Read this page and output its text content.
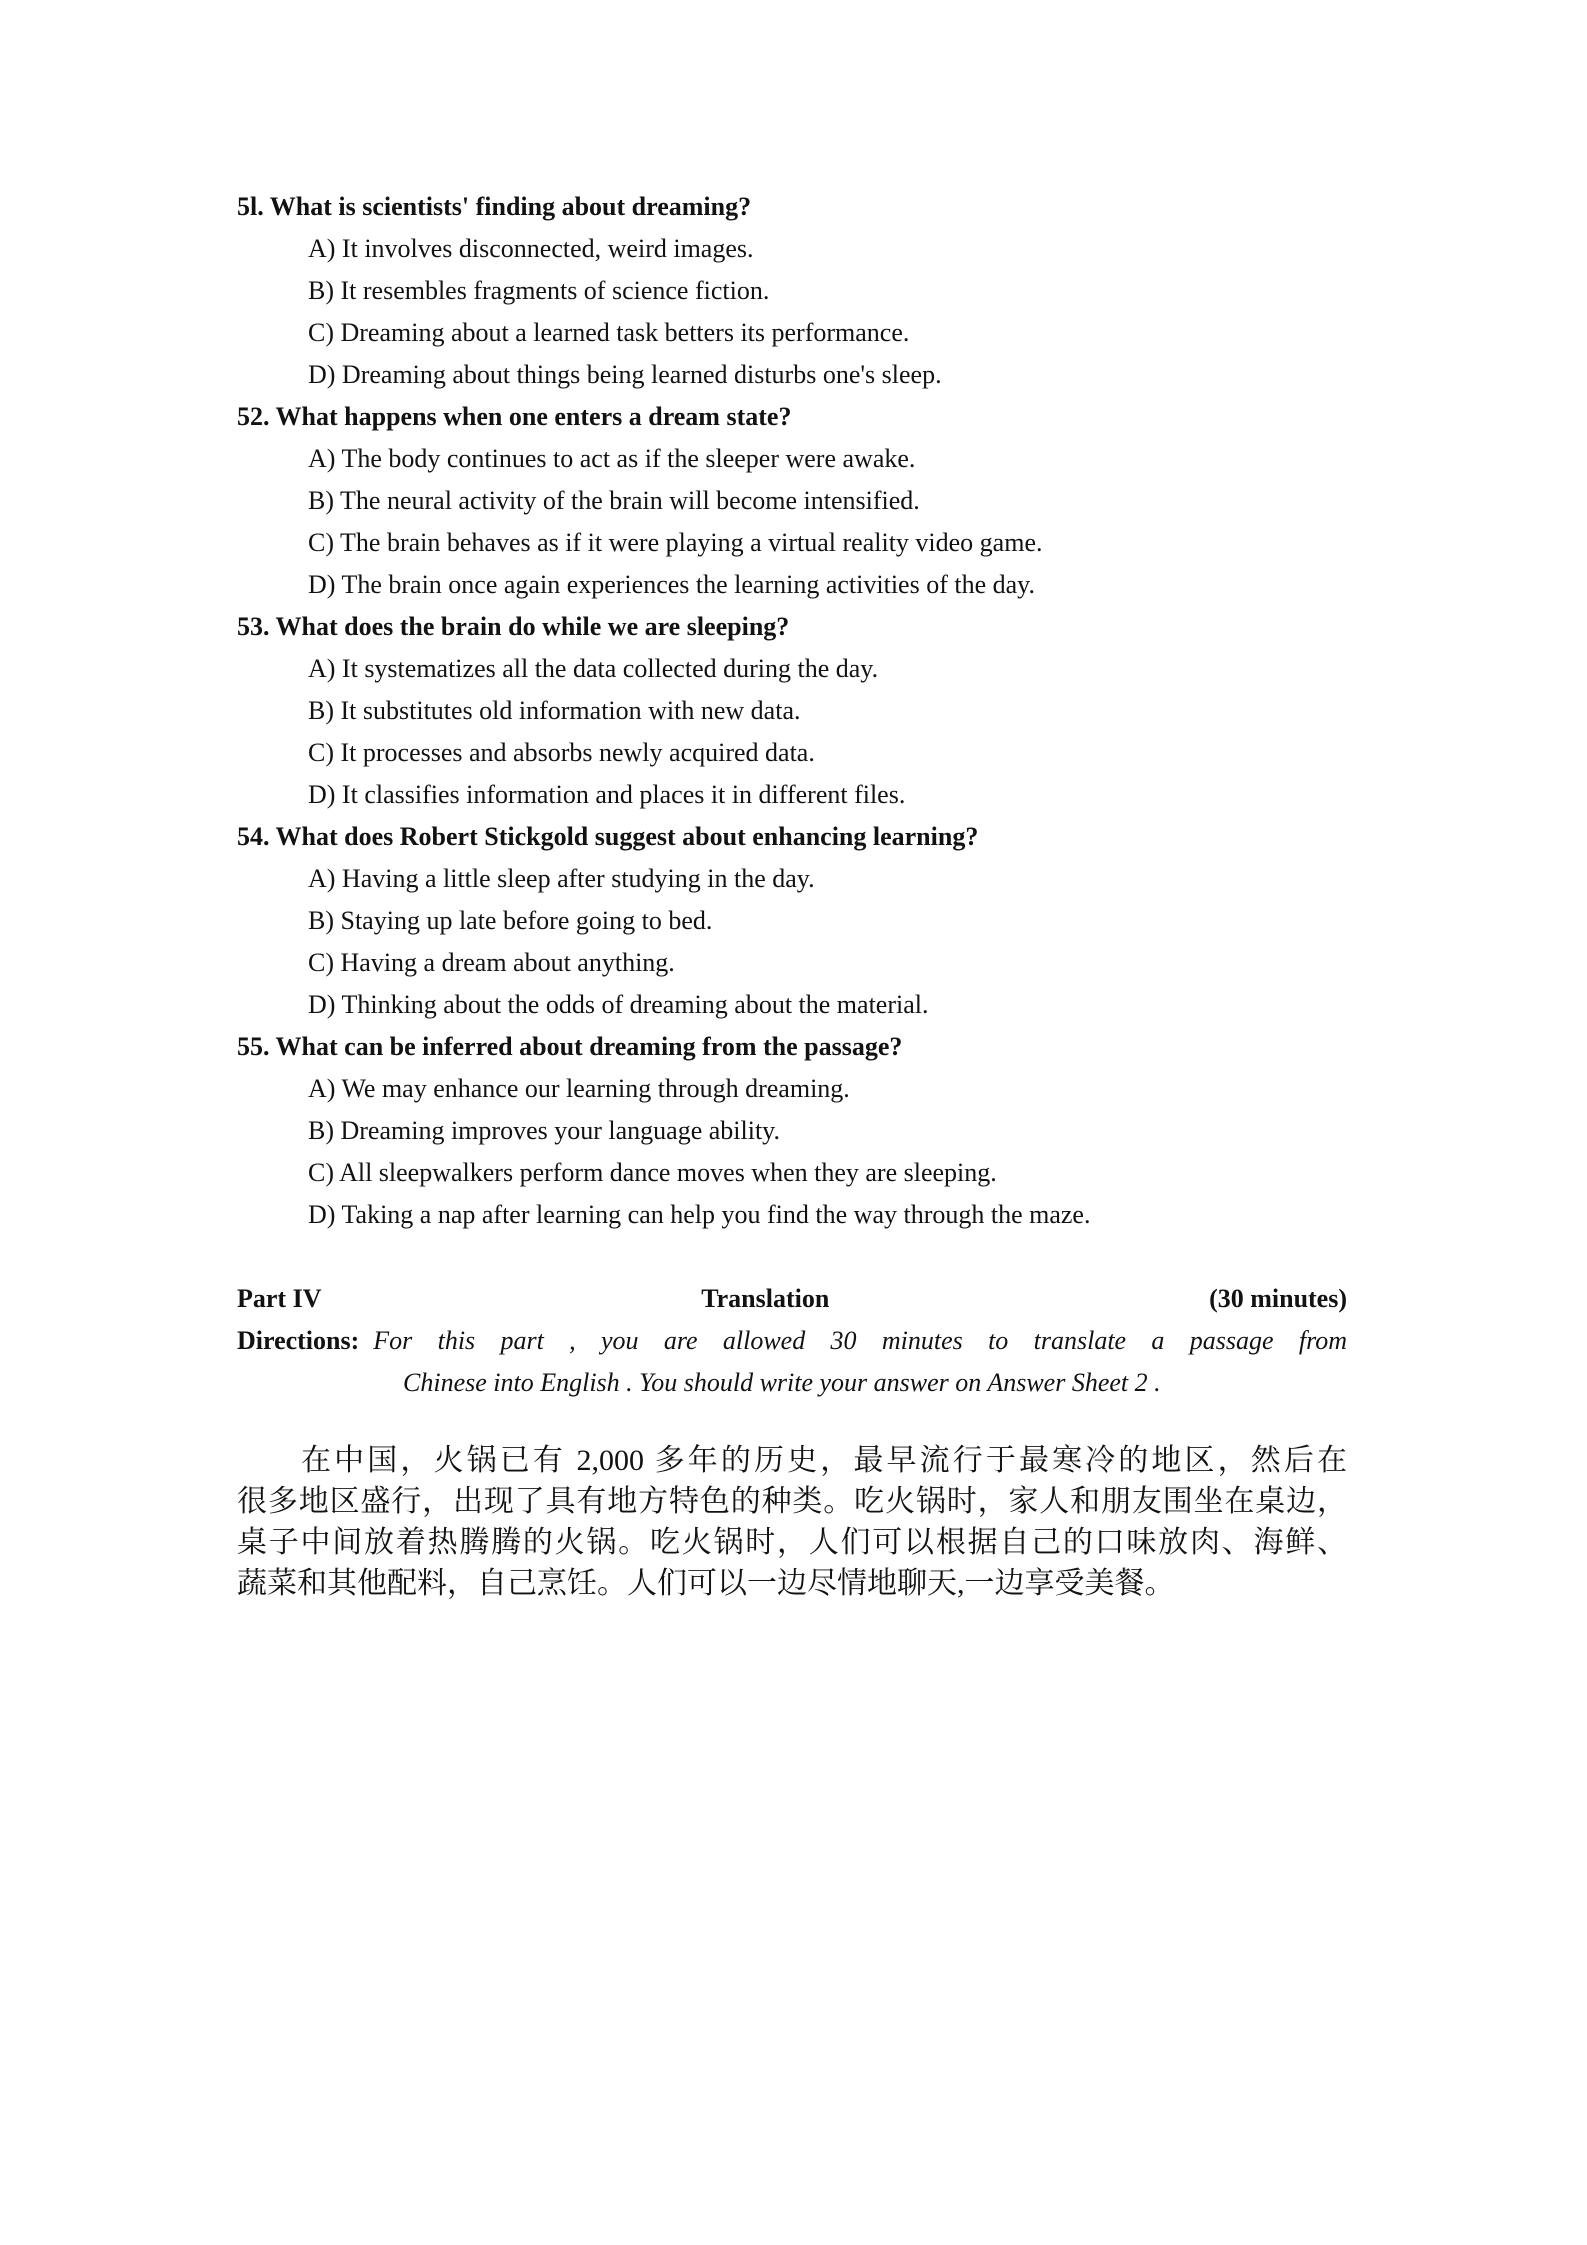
5l. What is scientists' finding about dreaming?
A) It involves disconnected, weird images.
B) It resembles fragments of science fiction.
C) Dreaming about a learned task betters its performance.
D) Dreaming about things being learned disturbs one's sleep.
52. What happens when one enters a dream state?
A) The body continues to act as if the sleeper were awake.
B) The neural activity of the brain will become intensified.
C) The brain behaves as if it were playing a virtual reality video game.
D) The brain once again experiences the learning activities of the day.
53. What does the brain do while we are sleeping?
A) It systematizes all the data collected during the day.
B) It substitutes old information with new data.
C) It processes and absorbs newly acquired data.
D) It classifies information and places it in different files.
54. What does Robert Stickgold suggest about enhancing learning?
A) Having a little sleep after studying in the day.
B) Staying up late before going to bed.
C) Having a dream about anything.
D) Thinking about the odds of dreaming about the material.
55. What can be inferred about dreaming from the passage?
A) We may enhance our learning through dreaming.
B) Dreaming improves your language ability.
C) All sleepwalkers perform dance moves when they are sleeping.
D) Taking a nap after learning can help you find the way through the maze.
Part IV	Translation	(30 minutes)
Directions: For this part , you are allowed 30 minutes to translate a passage from
Chinese into English . You should write your answer on Answer Sheet 2 .
在中国，火锅已有 2,000 多年的历史，最早流行于最寒冷的地区，然后在
很多地区盛行，出现了具有地方特色的种类。吃火锅时，家人和朋友围坐在桌边，
桌子中间放着热腾腾的火锅。吃火锅时，人们可以根据自己的口味放肉、海鲜、
蔬菜和其他配料，自己烹饪。人们可以一边尽情地聊天,一边享受美餐。
